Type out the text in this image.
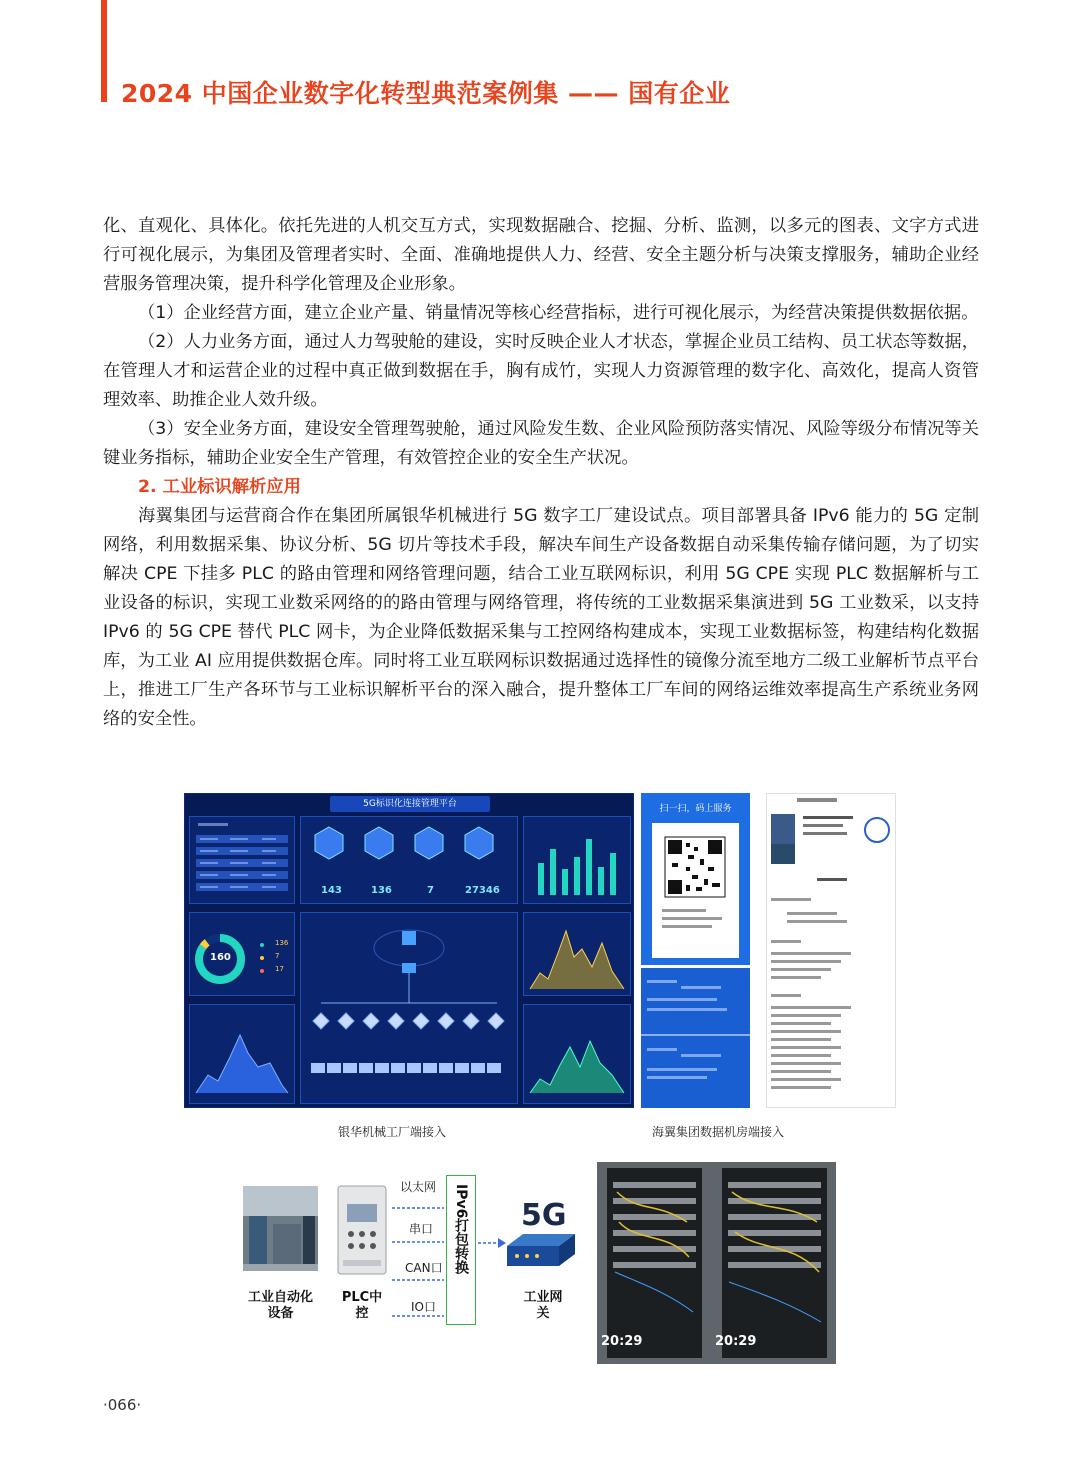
2024 中国企业数字化转型典范案例集 —— 国有企业

化、直观化、具体化。依托先进的人机交互方式，实现数据融合、挖掘、分析、监测，以多元的图表、文字方式进行可视化展示，为集团及管理者实时、全面、准确地提供人力、经营、安全主题分析与决策支撑服务，辅助企业经营服务管理决策，提升科学化管理及企业形象。

（1）企业经营方面，建立企业产量、销量情况等核心经营指标，进行可视化展示，为经营决策提供数据依据。

（2）人力业务方面，通过人力驾驶舱的建设，实时反映企业人才状态，掌握企业员工结构、员工状态等数据，在管理人才和运营企业的过程中真正做到数据在手，胸有成竹，实现人力资源管理的数字化、高效化，提高人资管理效率、助推企业人效升级。

（3）安全业务方面，建设安全管理驾驶舱，通过风险发生数、企业风险预防落实情况、风险等级分布情况等关键业务指标，辅助企业安全生产管理，有效管控企业的安全生产状况。

2. 工业标识解析应用

海翼集团与运营商合作在集团所属银华机械进行 5G 数字工厂建设试点。项目部署具备 IPv6 能力的 5G 定制网络，利用数据采集、协议分析、5G 切片等技术手段，解决车间生产设备数据自动采集传输存储问题，为了切实解决 CPE 下挂多 PLC 的路由管理和网络管理问题，结合工业互联网标识，利用 5G CPE 实现 PLC 数据解析与工业设备的标识，实现工业数采网络的的路由管理与网络管理，将传统的工业数据采集演进到 5G 工业数采，以支持 IPv6 的 5G CPE 替代 PLC 网卡，为企业降低数据采集与工控网络构建成本，实现工业数据标签，构建结构化数据库，为工业 AI 应用提供数据仓库。同时将工业互联网标识数据通过选择性的镜像分流至地方二级工业解析节点平台上，推进工厂生产各环节与工业标识解析平台的深入融合，提升整体工厂车间的网络运维效率提高生产系统业务网络的安全性。

5G标识化连接管理平台
160
136
7
17
143	136	7	27346
扫一扫，码上服务
银华机械工厂端接入	海翼集团数据机房端接入
工业自动化设备
PLC中控
以太网
串口
CAN口
IO口
IPv6打包转换 5G
工业网关
20:29	20:29
·066·
